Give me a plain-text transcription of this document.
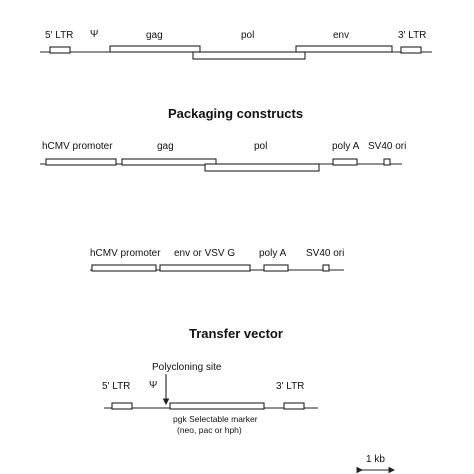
5' LTR Ψ	gag	pol	env	3' LTR
Packaging constructs
hCMV promoter	gag	pol	poly A SV40 ori
hCMV promoter env or VSV G poly A SV40 ori
Transfer vector
Polycloning site
5' LTR Ψ	3' LTR
pgk Selectable marker
(neo, pac or hph)
1 kb
